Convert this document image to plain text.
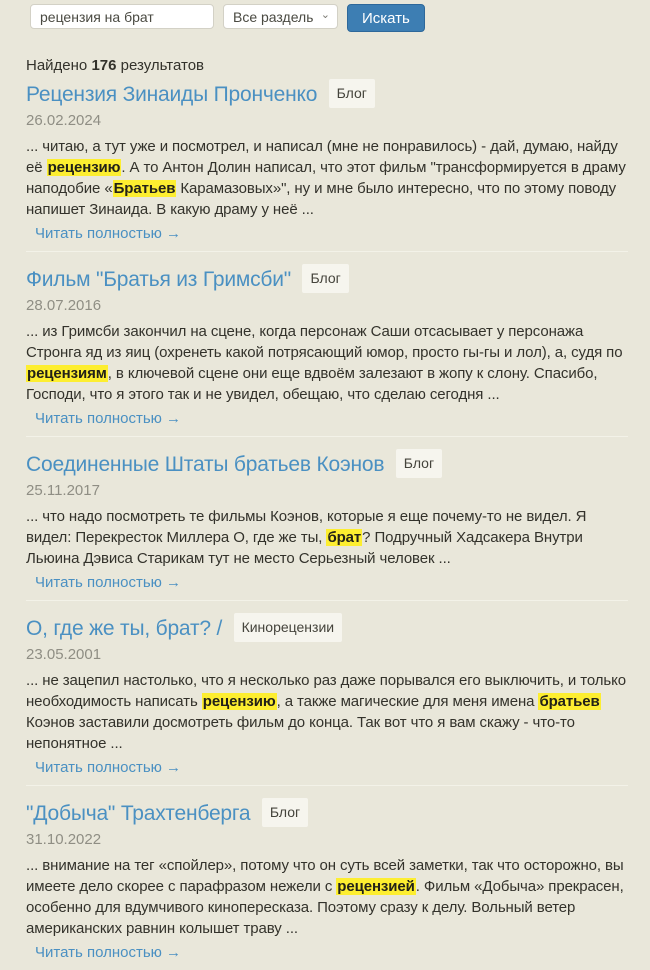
рецензия на брат
Все разделы
⌄	Искать
Найдено 176 результатов
Рецензия Зинаиды Пронченко Блог
26.02.2024
... читаю, а тут уже и посмотрел, и написал (мне не понравилось) - дай, думаю, найду её рецензию. А то Антон Долин написал, что этот фильм "трансформируется в драму наподобие «Братьев Карамазовых»", ну и мне было интересно, что по этому поводу напишет Зинаида. В какую драму у неё ...
Читать полностью →
Фильм "Братья из Гримсби" Блог
28.07.2016
... из Гримсби закончил на сцене, когда персонаж Саши отсасывает у персонажа Стронга яд из яиц (охренеть какой потрясающий юмор, просто гы-гы и лол), а, судя по рецензиям, в ключевой сцене они еще вдвоём залезают в жопу к слону. Спасибо, Господи, что я этого так и не увидел, обещаю, что сделаю сегодня ...
Читать полностью →
Соединенные Штаты братьев Коэнов Блог
25.11.2017
... что надо посмотреть те фильмы Коэнов, которые я еще почему-то не видел. Я видел: Перекресток Миллера О, где же ты, брат? Подручный Хадсакера Внутри Льюина Дэвиса Старикам тут не место Серьезный человек ...
Читать полностью →
О, где же ты, брат? / Кинорецензии
23.05.2001
... не зацепил настолько, что я несколько раз даже порывался его выключить, и только необходимость написать рецензию, а также магические для меня имена братьев Коэнов заставили досмотреть фильм до конца. Так вот что я вам скажу - что-то непонятное ...
Читать полностью →
"Добыча" Трахтенберга Блог
31.10.2022
... внимание на тег «спойлер», потому что он суть всей заметки, так что осторожно, вы имеете дело скорее с парафразом нежели с рецензией. Фильм «Добыча» прекрасен, особенно для вдумчивого кинопересказа. Поэтому сразу к делу. Вольный ветер американских равнин колышет траву ...
Читать полностью →
